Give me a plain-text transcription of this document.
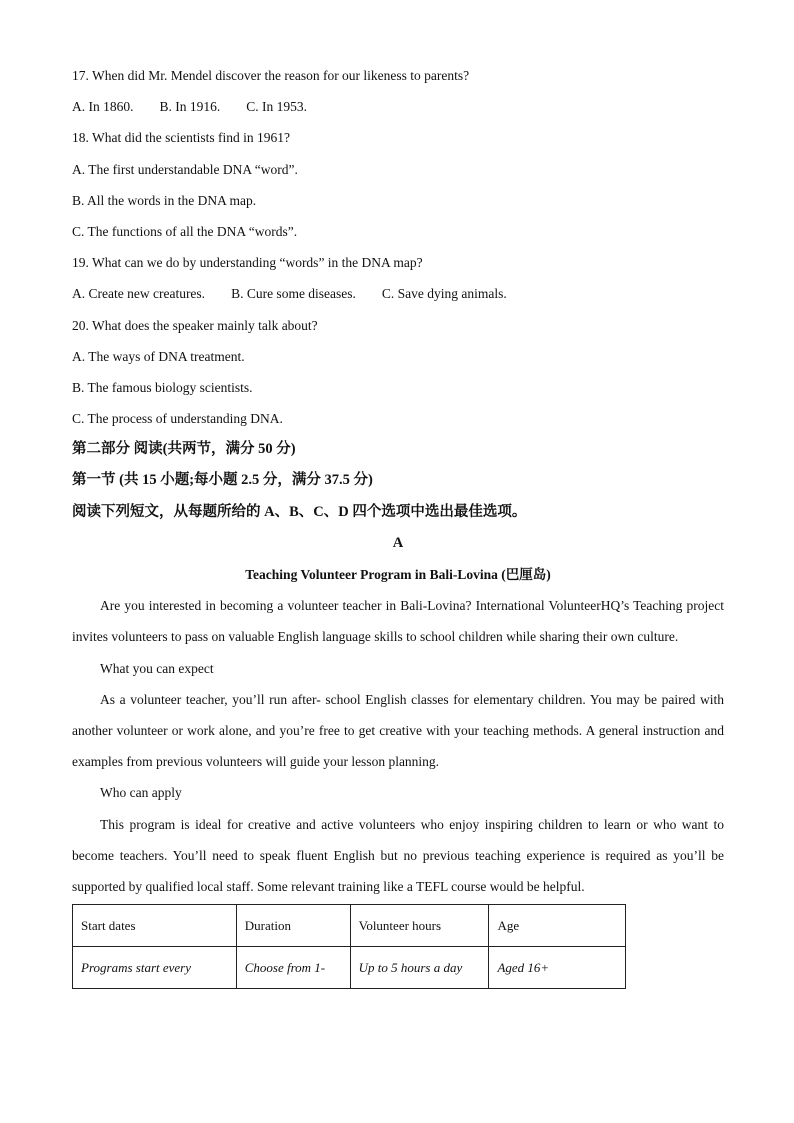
17. When did Mr. Mendel discover the reason for our likeness to parents?
A. In 1860. B. In 1916. C. In 1953.
18. What did the scientists find in 1961?
A. The first understandable DNA “word”.
B. All the words in the DNA map.
C. The functions of all the DNA “words”.
19. What can we do by understanding “words” in the DNA map?
A. Create new creatures. B. Cure some diseases. C. Save dying animals.
20. What does the speaker mainly talk about?
A. The ways of DNA treatment.
B. The famous biology scientists.
C. The process of understanding DNA.
第二部分 阅读(共两节，满分 50 分)
第一节 (共 15 小题;每小题 2.5 分，满分 37.5 分)
阅读下列短文，从每题所给的 A、B、C、D 四个选项中选出最佳选项。
A
Teaching Volunteer Program in Bali-Lovina (巴厘岛)
Are you interested in becoming a volunteer teacher in Bali-Lovina? International VolunteerHQ’s Teaching project invites volunteers to pass on valuable English language skills to school children while sharing their own culture.
What you can expect
As a volunteer teacher, you’ll run after- school English classes for elementary children. You may be paired with another volunteer or work alone, and you’re free to get creative with your teaching methods. A general instruction and examples from previous volunteers will guide your lesson planning.
Who can apply
This program is ideal for creative and active volunteers who enjoy inspiring children to learn or who want to become teachers. You’ll need to speak fluent English but no previous teaching experience is required as you’ll be supported by qualified local staff. Some relevant training like a TEFL course would be helpful.
Start dates	Duration	Volunteer hours	Age
Programs start every	Choose from 1-	Up to 5 hours a day	Aged 16+
